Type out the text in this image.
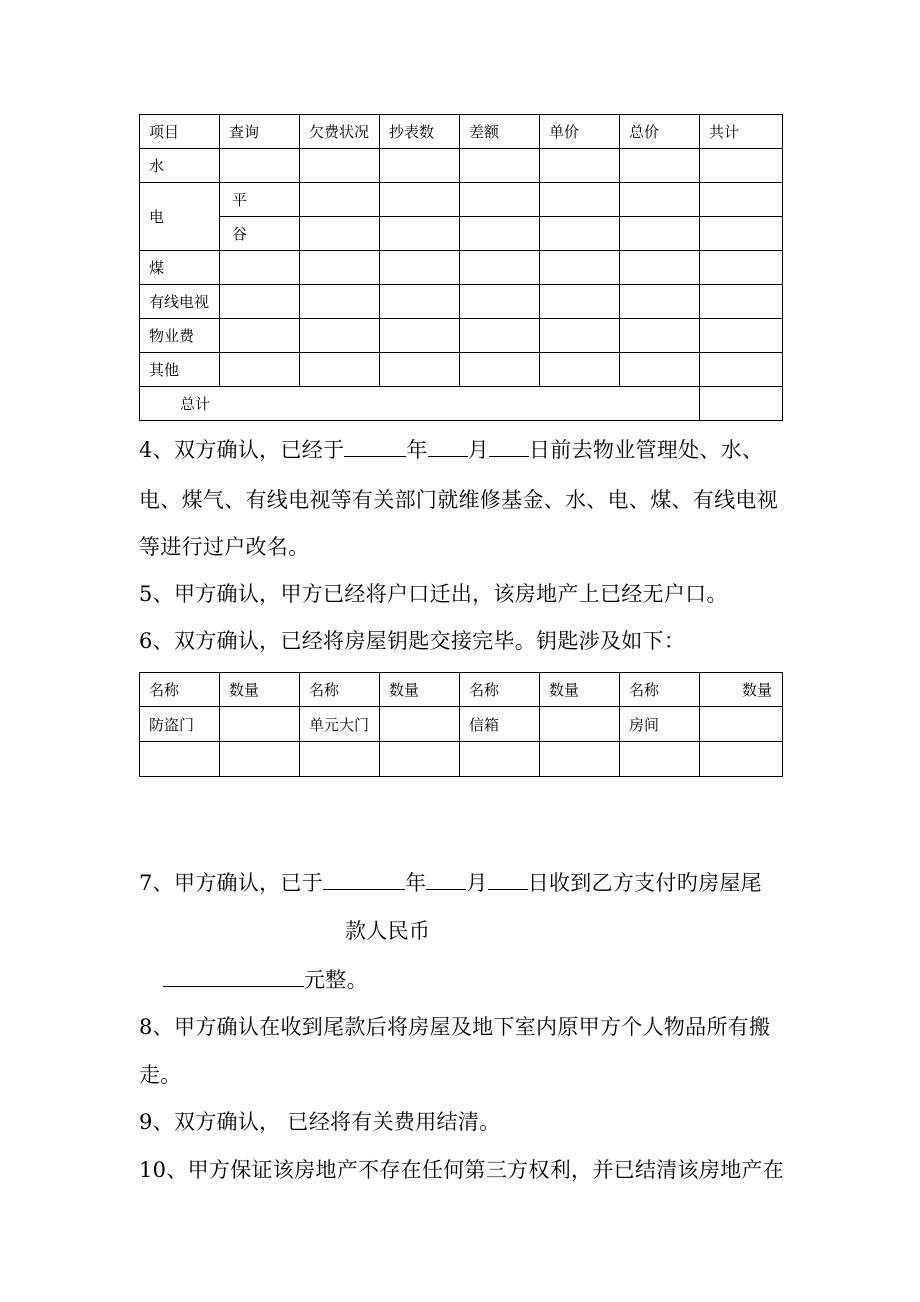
项目	查询	欠费状况	抄表数	差额	单价	总价	共计
水							
电	平						
	谷						
煤							
有线电视							
物业费							
其他							
总计							

4、双方确认，已经于	年 月 日前去物业管理处、水、

电、煤气、有线电视等有关部门就维修基金、水、电、煤、有线电视

等进行过户改名。

5、甲方确认，甲方已经将户口迁出，该房地产上已经无户口。

6、双方确认，已经将房屋钥匙交接完毕。钥匙涉及如下：

名称	数量	名称	数量	名称	数量	名称	数量
防盗门		单元大门		信箱		房间	

7、甲方确认，已于	年 月 日收到乙方支付旳房屋尾

款人民币

元整。

8、甲方确认在收到尾款后将房屋及地下室内原甲方个人物品所有搬

走。

9、双方确认， 已经将有关费用结清。

10、甲方保证该房地产不存在任何第三方权利，并已结清该房地产在
